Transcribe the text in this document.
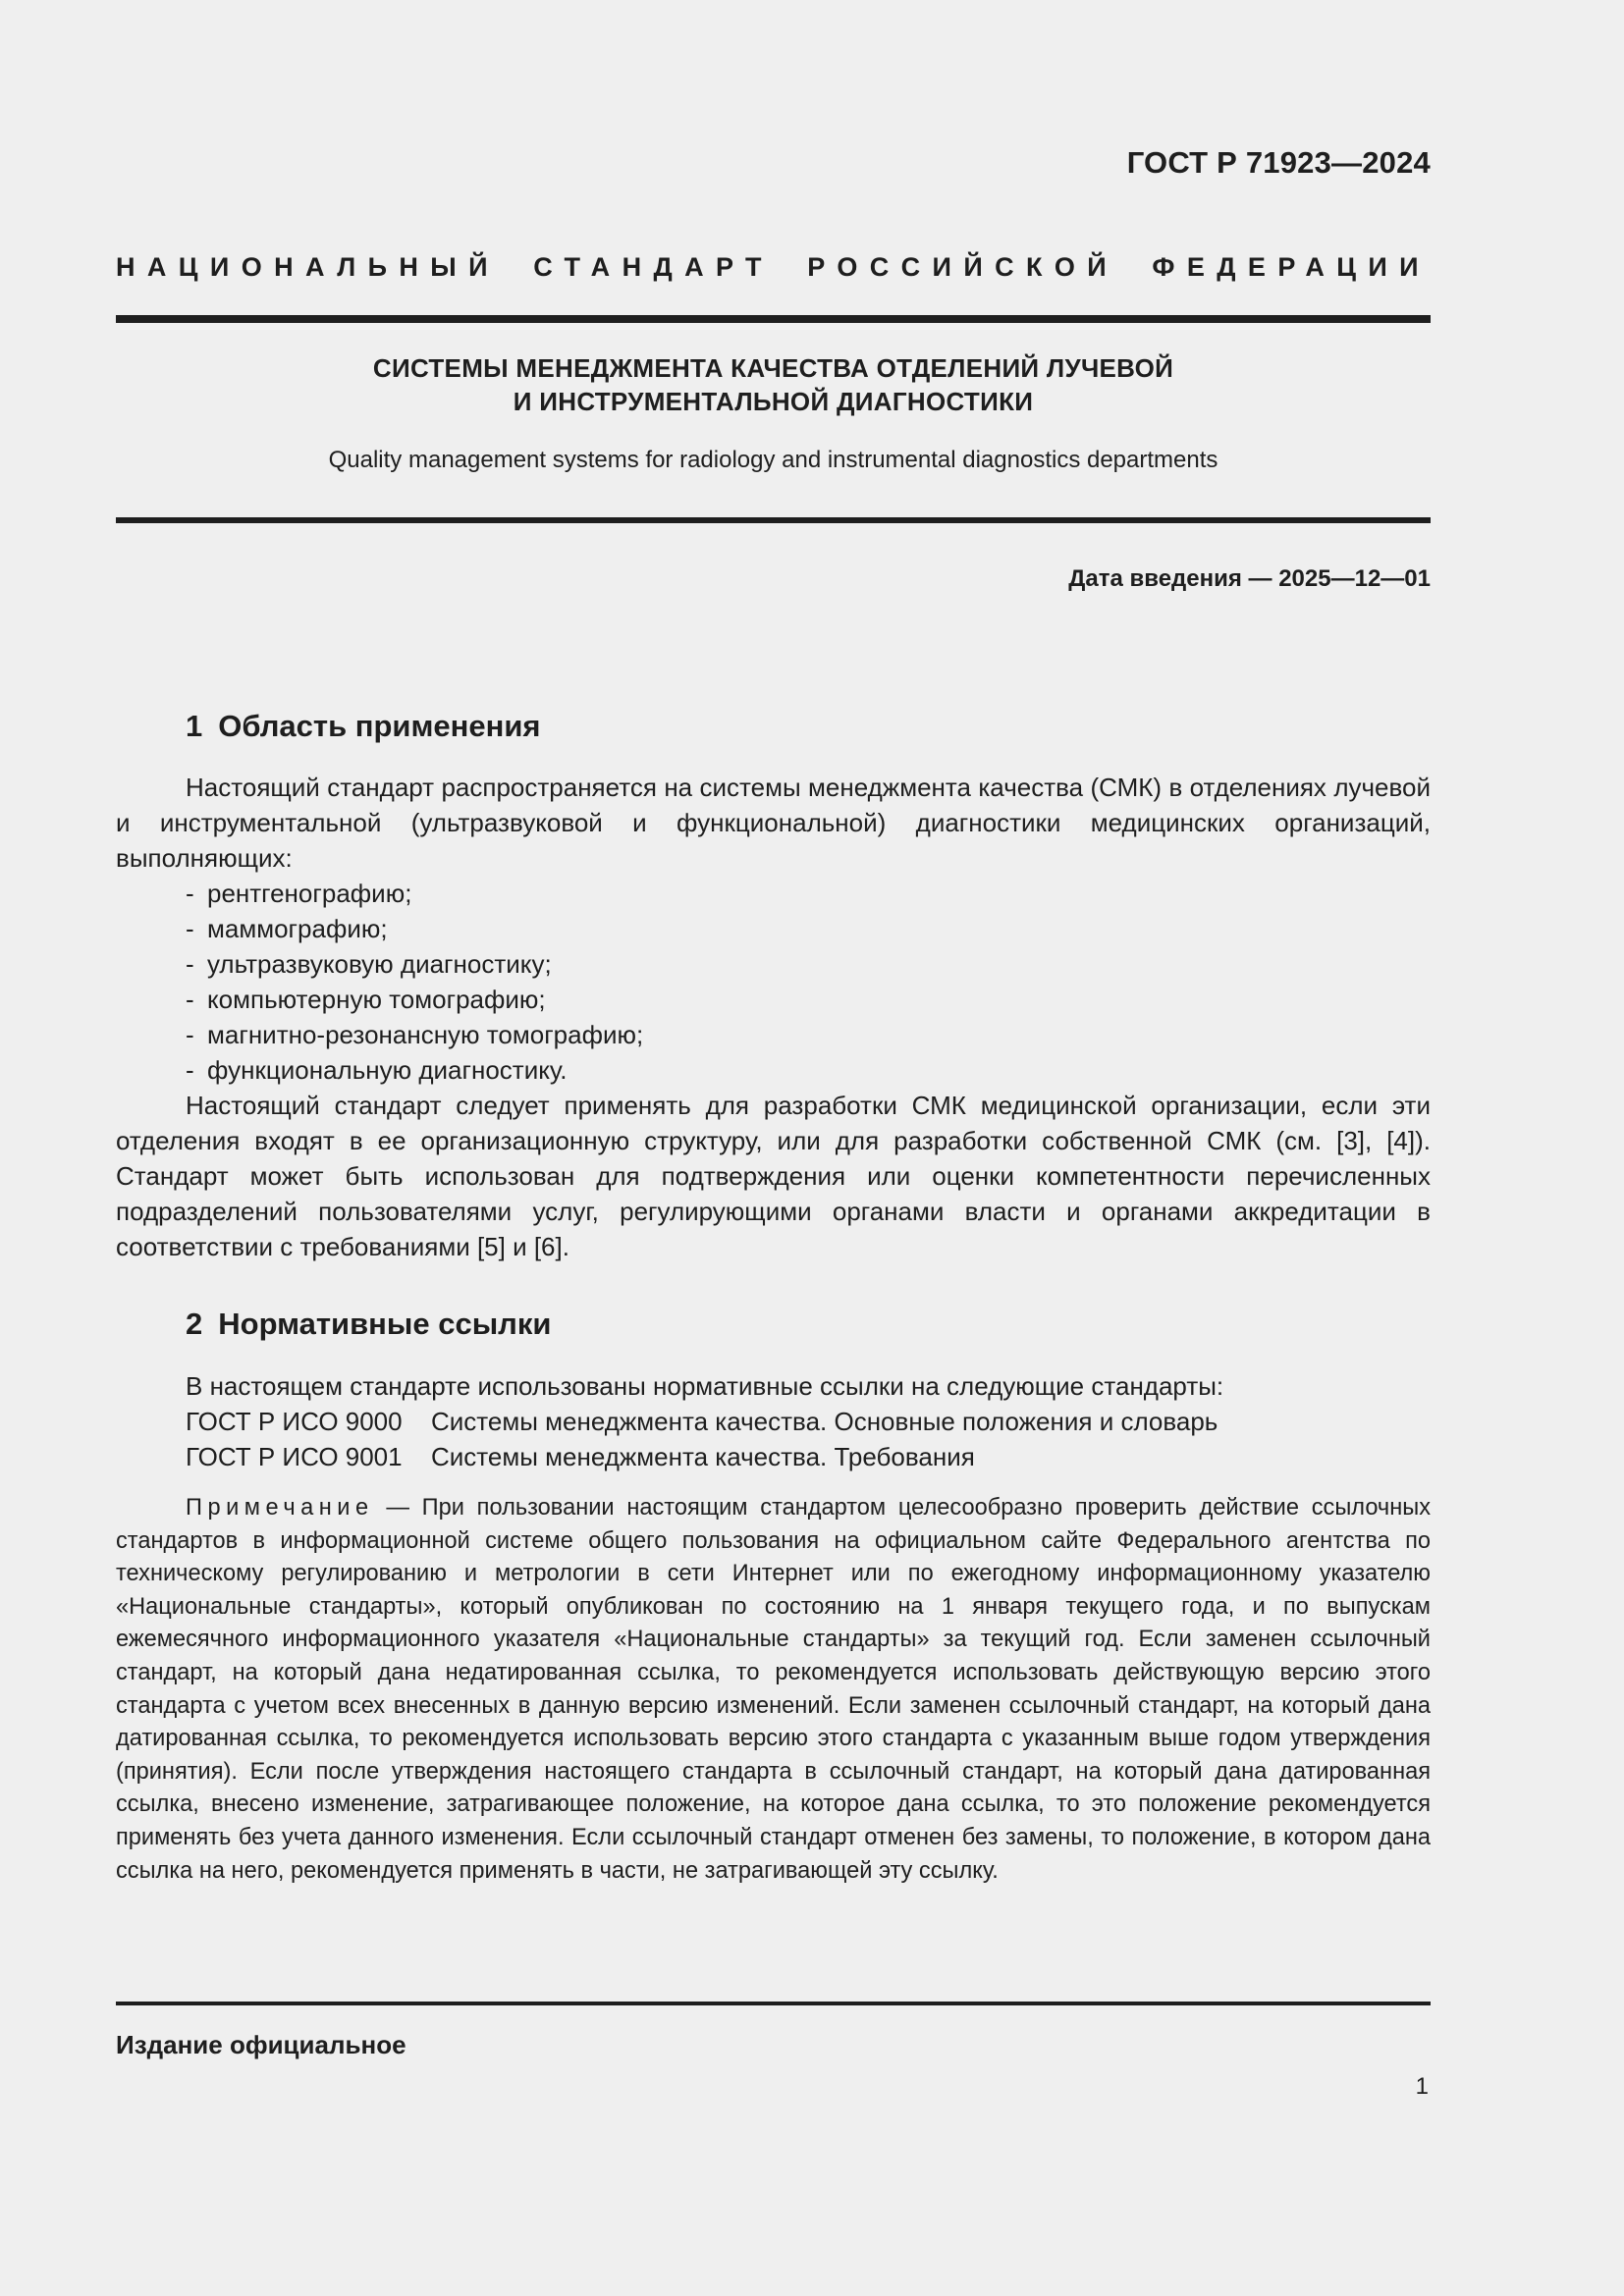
ГОСТ Р 71923—2024
НАЦИОНАЛЬНЫЙ СТАНДАРТ РОССИЙСКОЙ ФЕДЕРАЦИИ
СИСТЕМЫ МЕНЕДЖМЕНТА КАЧЕСТВА ОТДЕЛЕНИЙ ЛУЧЕВОЙ
И ИНСТРУМЕНТАЛЬНОЙ ДИАГНОСТИКИ
Quality management systems for radiology and instrumental diagnostics departments
Дата введения — 2025—12—01
1 Область применения

Настоящий стандарт распространяется на системы менеджмента качества (СМК) в отделениях лучевой и инструментальной (ультразвуковой и функциональной) диагностики медицинских организаций, выполняющих:

- рентгенографию;
- маммографию;
- ультразвуковую диагностику;
- компьютерную томографию;
- магнитно-резонансную томографию;
- функциональную диагностику.

Настоящий стандарт следует применять для разработки СМК медицинской организации, если эти отделения входят в ее организационную структуру, или для разработки собственной СМК (см. [3], [4]). Стандарт может быть использован для подтверждения или оценки компетентности перечисленных подразделений пользователями услуг, регулирующими органами власти и органами аккредитации в соответствии с требованиями [5] и [6].

2 Нормативные ссылки
В настоящем стандарте использованы нормативные ссылки на следующие стандарты:
ГОСТ Р ИСО 9000 Системы менеджмента качества. Основные положения и словарь
ГОСТ Р ИСО 9001 Системы менеджмента качества. Требования

Примечание — При пользовании настоящим стандартом целесообразно проверить действие ссылочных стандартов в информационной системе общего пользования на официальном сайте Федерального агентства по техническому регулированию и метрологии в сети Интернет или по ежегодному информационному указателю «Национальные стандарты», который опубликован по состоянию на 1 января текущего года, и по выпускам ежемесячного информационного указателя «Национальные стандарты» за текущий год. Если заменен ссылочный стандарт, на который дана недатированная ссылка, то рекомендуется использовать действующую версию этого стандарта с учетом всех внесенных в данную версию изменений. Если заменен ссылочный стандарт, на который дана датированная ссылка, то рекомендуется использовать версию этого стандарта с указанным выше годом утверждения (принятия). Если после утверждения настоящего стандарта в ссылочный стандарт, на который дана датированная ссылка, внесено изменение, затрагивающее положение, на которое дана ссылка, то это положение рекомендуется применять без учета данного изменения. Если ссылочный стандарт отменен без замены, то положение, в котором дана ссылка на него, рекомендуется применять в части, не затрагивающей эту ссылку.

Издание официальное
1
